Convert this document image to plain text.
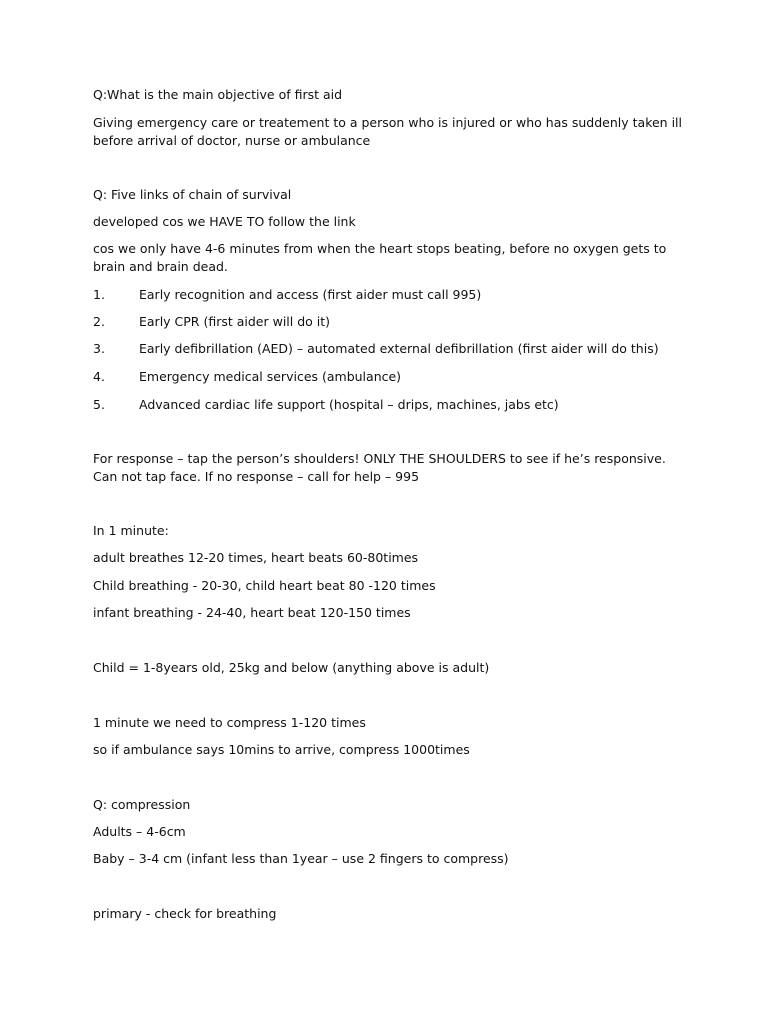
Q:What is the main objective of first aid
Giving emergency care or treatement to a person who is injured or who has suddenly taken ill before arrival of doctor, nurse or ambulance
Q: Five links of chain of survival
developed cos we HAVE TO follow the link
cos we only have 4-6 minutes from when the heart stops beating, before no oxygen gets to brain and brain dead.
1.	Early recognition and access (first aider must call 995)
2.	Early CPR (first aider will do it)
3.	Early defibrillation (AED) – automated external defibrillation (first aider will do this)
4.	Emergency medical services (ambulance)
5.	Advanced cardiac life support (hospital – drips, machines, jabs etc)
For response – tap the person’s shoulders! ONLY THE SHOULDERS to see if he’s responsive. Can not tap face. If no response – call for help – 995
In 1 minute:
adult breathes 12-20 times, heart beats 60-80times
Child breathing - 20-30, child heart beat 80 -120 times
infant breathing - 24-40, heart beat 120-150 times
Child = 1-8years old, 25kg and below (anything above is adult)
1 minute we need to compress 1-120 times
so if ambulance says 10mins to arrive, compress 1000times
Q: compression
Adults – 4-6cm
Baby – 3-4 cm (infant less than 1year – use 2 fingers to compress)
primary - check for breathing
